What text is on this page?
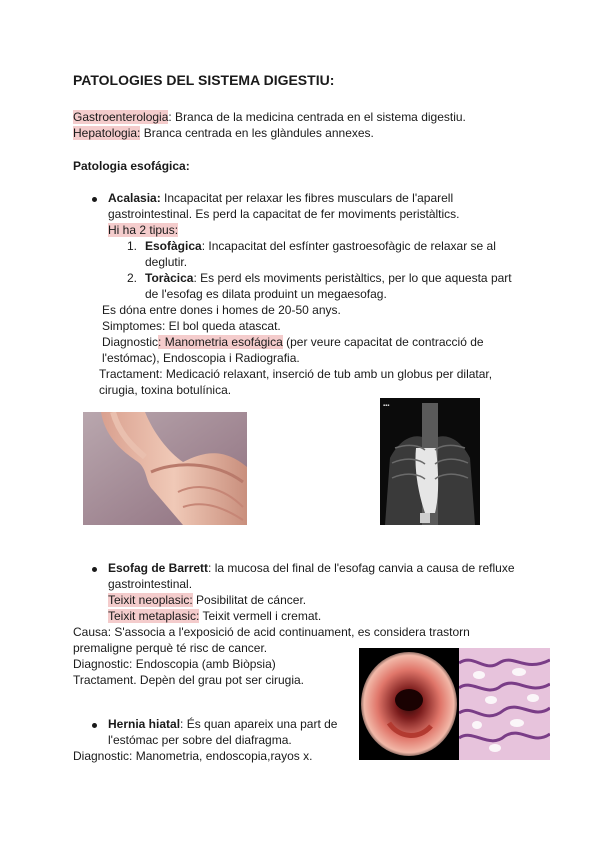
PATOLOGIES DEL SISTEMA DIGESTIU:
Gastroenterologia: Branca de la medicina centrada en el sistema digestiu.
Hepatologia: Branca centrada en les glàndules annexes.
Patologia esofágica:
Acalasia: Incapacitat per relaxar les fibres musculars de l'aparell
gastrointestinal. Es perd la capacitat de fer moviments peristàltics.
Hi ha 2 tipus:
1. Esofàgica: Incapacitat del esfínter gastroesofàgic de relaxar se al
deglutir.
2. Toràcica: Es perd els moviments peristàltics, per lo que aquesta part
de l'esofag es dilata produint un megaesofag.
Es dóna entre dones i homes de 20-50 anys.
Simptomes: El bol queda atascat.
Diagnostic: Manometria esofágica (per veure capacitat de contracció de
l'estómac), Endoscopia i Radiografia.
Tractament: Medicació relaxant, inserció de tub amb un globus per dilatar,
cirugia, toxina botulínica.
▪▪▪
Esofag de Barrett: la mucosa del final de l'esofag canvia a causa de refluxe
gastrointestinal.
Teixit neoplasic: Posibilitat de cáncer.
Teixit metaplasic: Teixit vermell i cremat.
Causa: S'associa a l'exposició de acid continuament, es considera trastorn
premaligne perquè té risc de cancer.
Diagnostic: Endoscopia (amb Biòpsia)
Tractament. Depèn del grau pot ser cirugia.
Hernia hiatal: És quan apareix una part de
l'estómac per sobre del diafragma.
Diagnostic: Manometria, endoscopia,rayos x.
